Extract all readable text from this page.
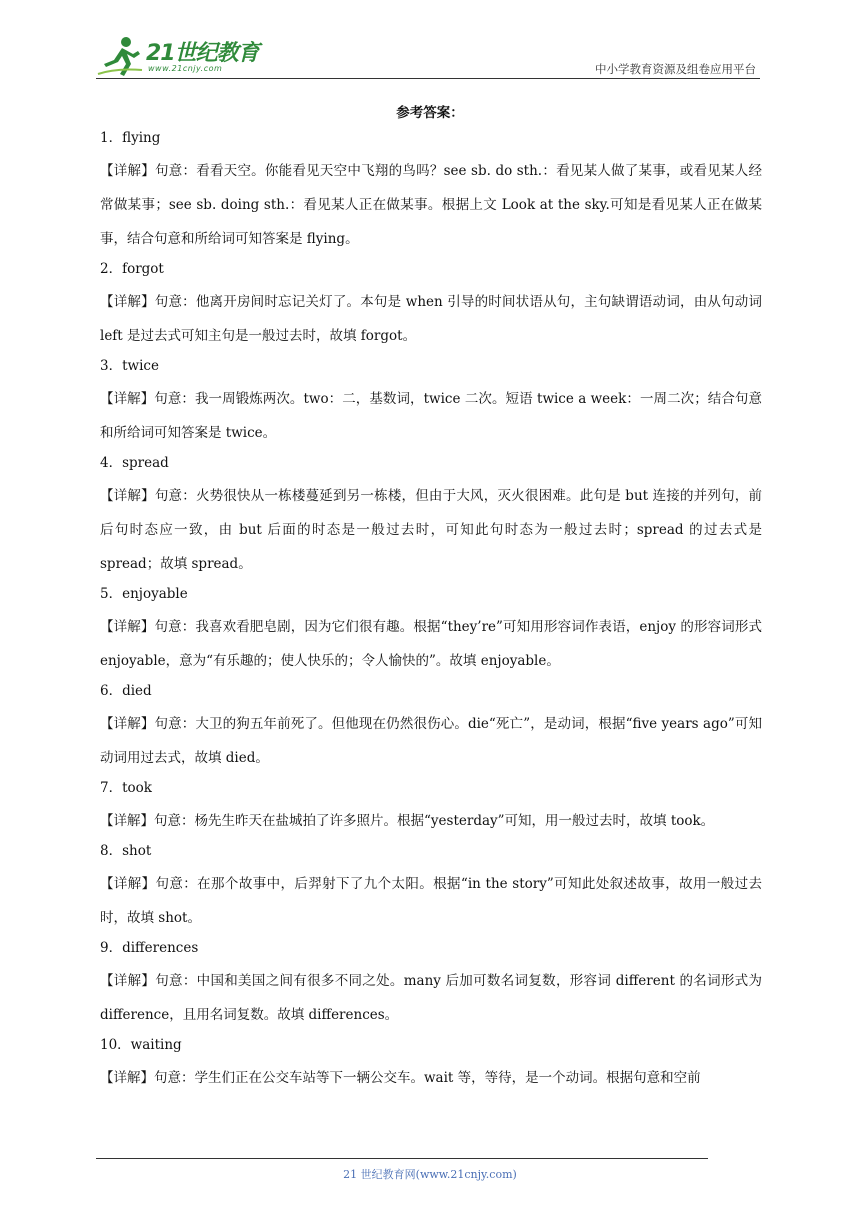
21世纪教育
www.21cnjy.com	中小学教育资源及组卷应用平台
参考答案：

1．flying

【详解】句意：看看天空。你能看见天空中飞翔的鸟吗？see sb. do sth.：看见某人做了某事，或看见某人经常做某事；see sb. doing sth.：看见某人正在做某事。根据上文 Look at the sky.可知是看见某人正在做某事，结合句意和所给词可知答案是 flying。

2．forgot

【详解】句意：他离开房间时忘记关灯了。本句是 when 引导的时间状语从句，主句缺谓语动词，由从句动词 left 是过去式可知主句是一般过去时，故填 forgot。

3．twice

【详解】句意：我一周锻炼两次。two：二，基数词，twice 二次。短语 twice a week：一周二次；结合句意和所给词可知答案是 twice。

4．spread

【详解】句意：火势很快从一栋楼蔓延到另一栋楼，但由于大风，灭火很困难。此句是 but 连接的并列句，前后句时态应一致，由 but 后面的时态是一般过去时，可知此句时态为一般过去时；spread 的过去式是 spread；故填 spread。

5．enjoyable

【详解】句意：我喜欢看肥皂剧，因为它们很有趣。根据“they’re”可知用形容词作表语，enjoy 的形容词形式 enjoyable，意为“有乐趣的；使人快乐的；令人愉快的”。故填 enjoyable。

6．died

【详解】句意：大卫的狗五年前死了。但他现在仍然很伤心。die“死亡”，是动词，根据“five years ago”可知动词用过去式，故填 died。

7．took

【详解】句意：杨先生昨天在盐城拍了许多照片。根据“yesterday”可知，用一般过去时，故填 took。

8．shot

【详解】句意：在那个故事中，后羿射下了九个太阳。根据“in the story”可知此处叙述故事，故用一般过去时，故填 shot。

9．differences

【详解】句意：中国和美国之间有很多不同之处。many 后加可数名词复数，形容词 different 的名词形式为 difference，且用名词复数。故填 differences。

10．waiting

【详解】句意：学生们正在公交车站等下一辆公交车。wait 等，等待，是一个动词。根据句意和空前

21 世纪教育网(www.21cnjy.com)
